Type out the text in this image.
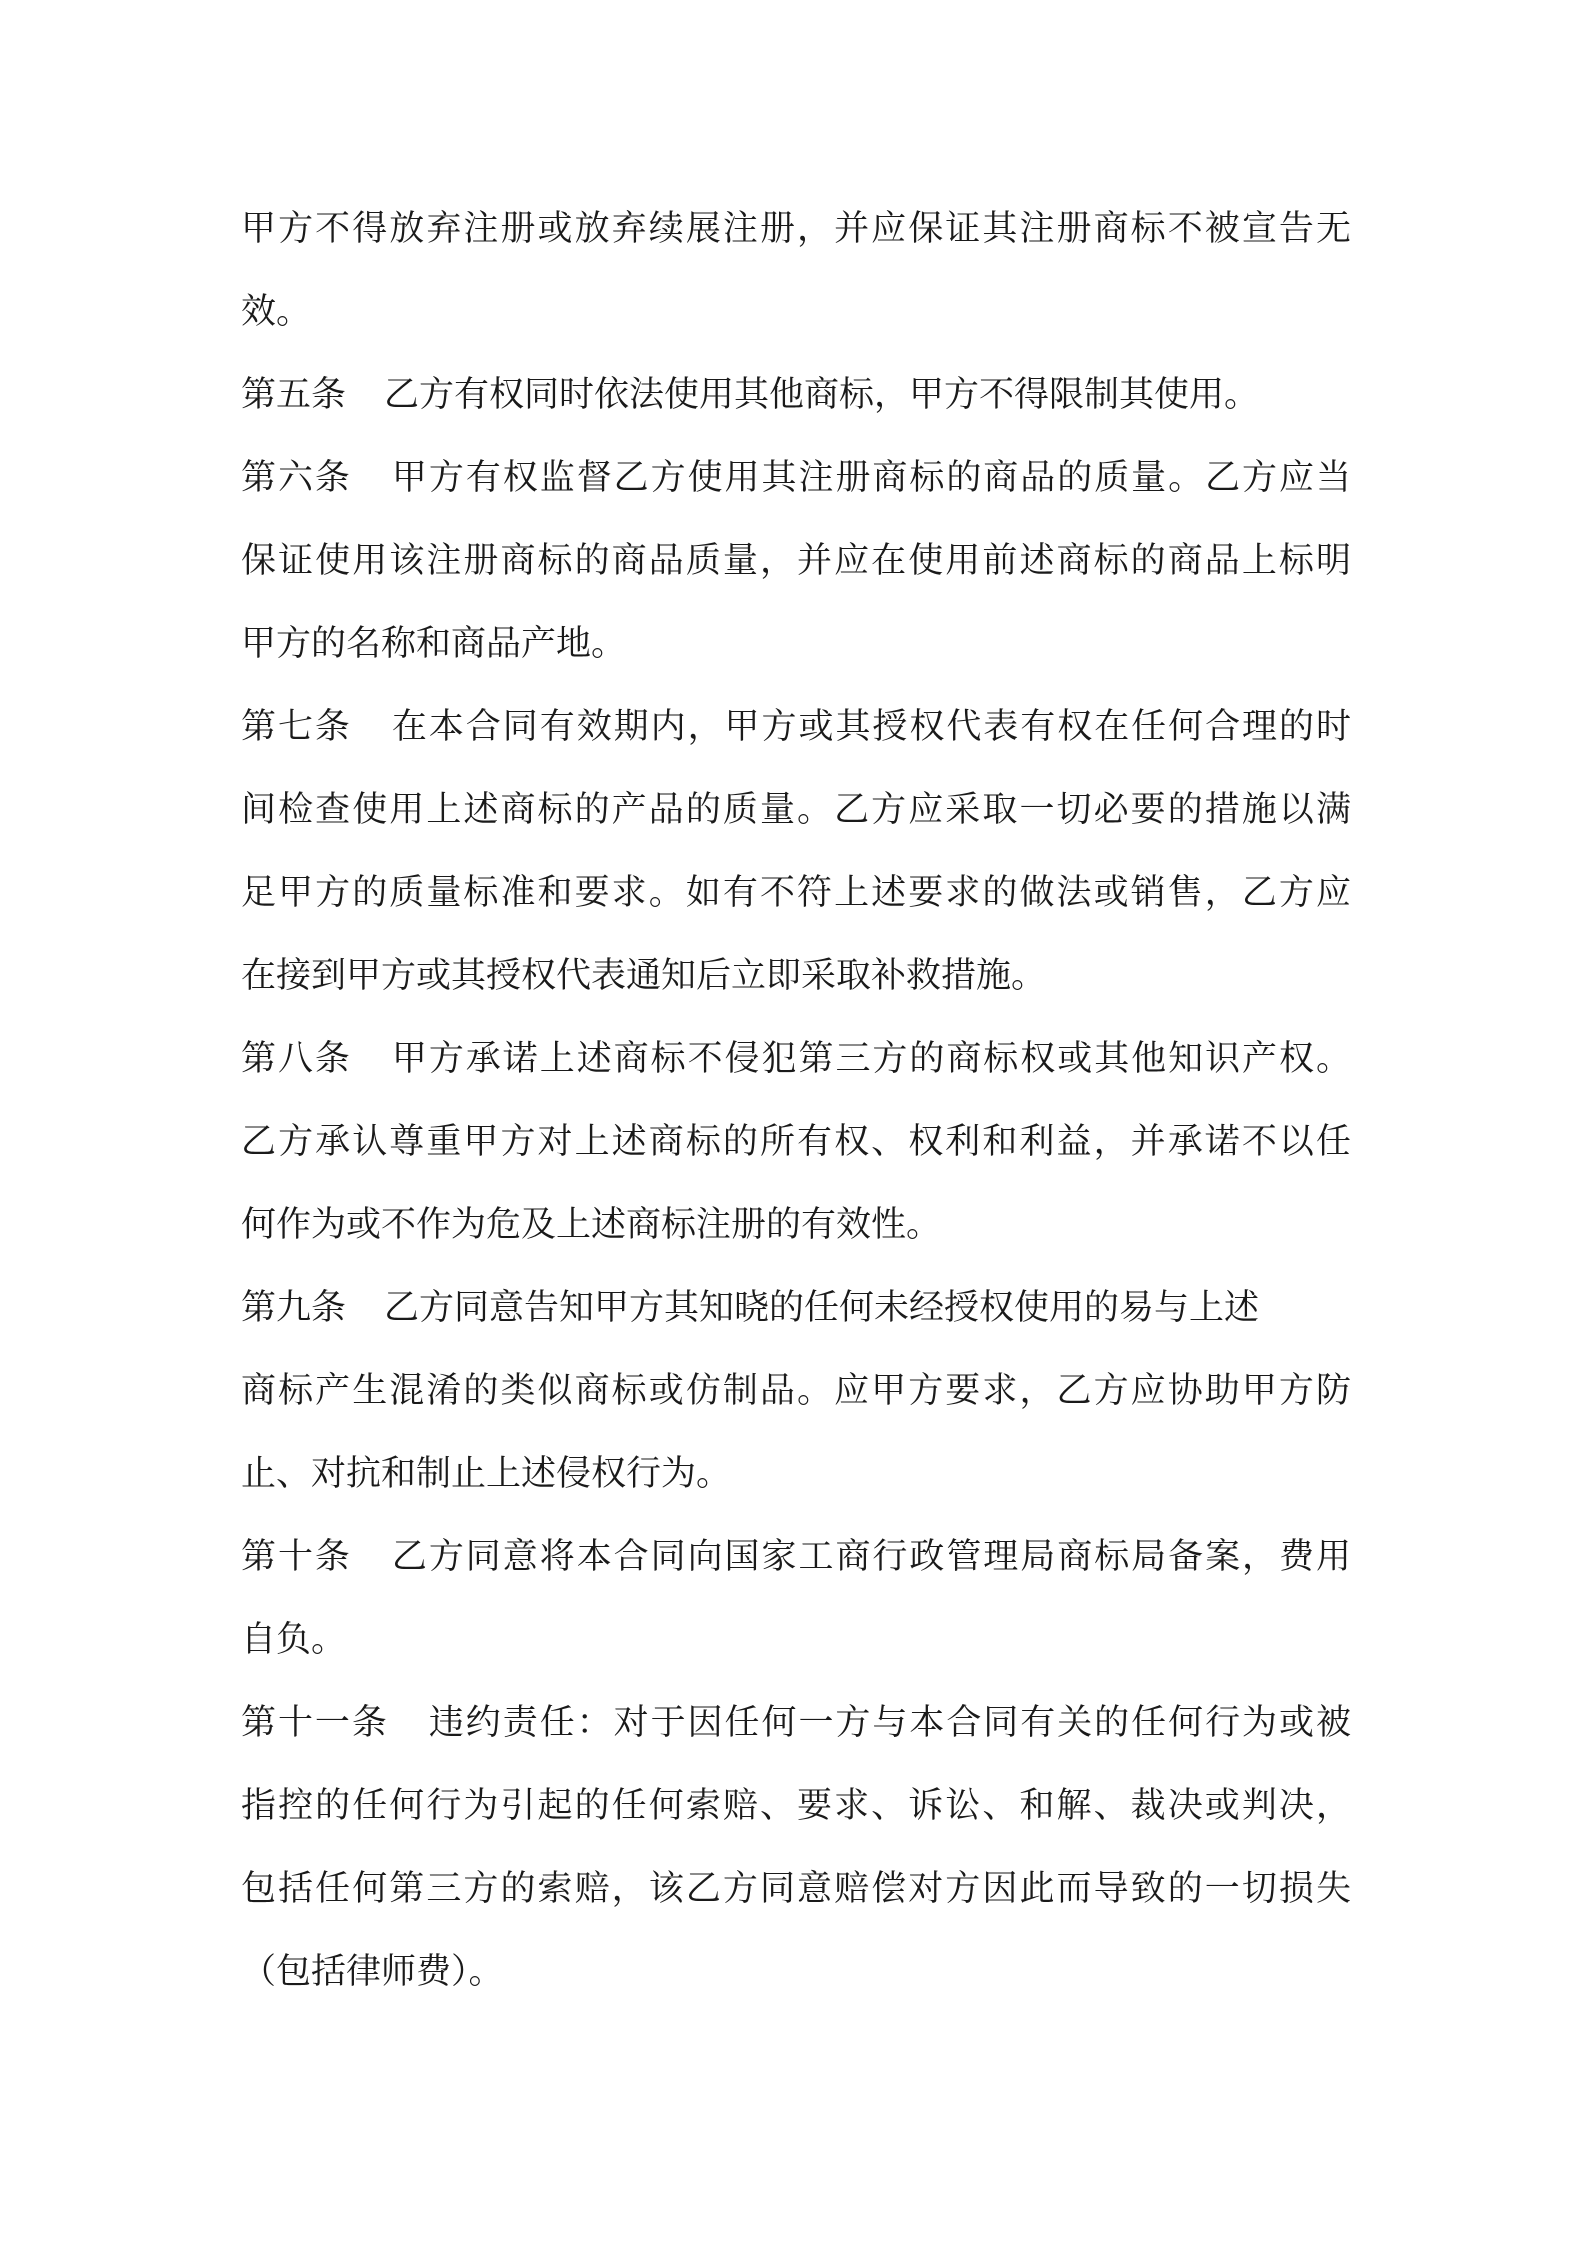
甲方不得放弃注册或放弃续展注册，并应保证其注册商标不被宣告无
效。
第五条 乙方有权同时依法使用其他商标，甲方不得限制其使用。
第六条 甲方有权监督乙方使用其注册商标的商品的质量。乙方应当
保证使用该注册商标的商品质量，并应在使用前述商标的商品上标明
甲方的名称和商品产地。
第七条 在本合同有效期内，甲方或其授权代表有权在任何合理的时
间检查使用上述商标的产品的质量。乙方应采取一切必要的措施以满
足甲方的质量标准和要求。如有不符上述要求的做法或销售，乙方应
在接到甲方或其授权代表通知后立即采取补救措施。
第八条 甲方承诺上述商标不侵犯第三方的商标权或其他知识产权。
乙方承认尊重甲方对上述商标的所有权、权利和利益，并承诺不以任
何作为或不作为危及上述商标注册的有效性。
第九条 乙方同意告知甲方其知晓的任何未经授权使用的易与上述
商标产生混淆的类似商标或仿制品。应甲方要求，乙方应协助甲方防
止、对抗和制止上述侵权行为。
第十条 乙方同意将本合同向国家工商行政管理局商标局备案，费用
自负。
第十一条 违约责任：对于因任何一方与本合同有关的任何行为或被
指控的任何行为引起的任何索赔、要求、诉讼、和解、裁决或判决，
包括任何第三方的索赔，该乙方同意赔偿对方因此而导致的一切损失
（包括律师费）。
